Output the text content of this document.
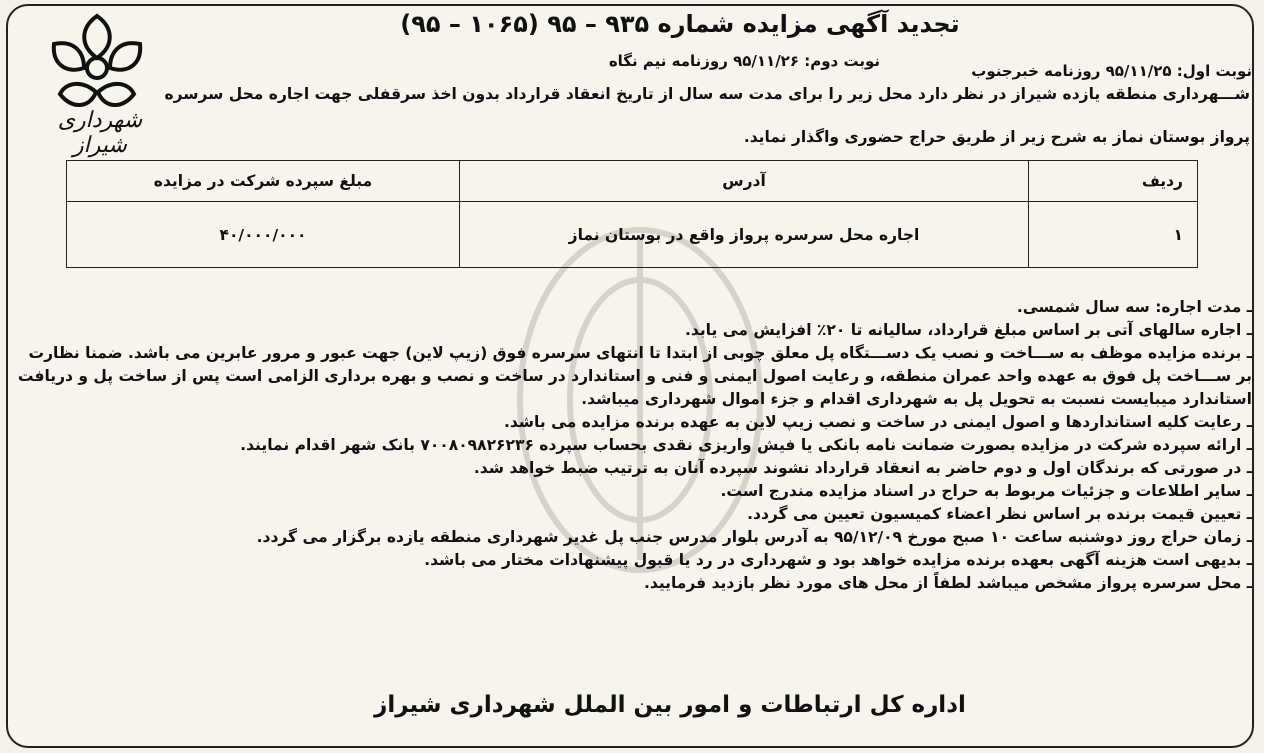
شهرداری شیراز
تجدید آگهی مزایده شماره ۹۳۵ – ۹۵ (۱۰۶۵ – ۹۵)
نوبت دوم: ۹۵/۱۱/۲۶ روزنامه نیم نگاه
نوبت اول: ۹۵/۱۱/۲۵ روزنامه خبرجنوب
شـــهرداری منطقه یازده شیراز در نظر دارد محل زیر را برای مدت سه سال از تاریخ انعقاد قرارداد بدون اخذ سرقفلی جهت اجاره محل سرسره
پرواز بوستان نماز به شرح زیر از طریق حراج حضوری واگذار نماید.
ردیف	آدرس	مبلغ سپرده شرکت در مزایده
۱	اجاره محل سرسره پرواز واقع در بوستان نماز	۴۰/۰۰۰/۰۰۰
ـ مدت اجاره: سه سال شمسی.
ـ اجاره سالهای آتی بر اساس مبلغ قرارداد، سالیانه تا ۲۰٪ افزایش می یابد.
ـ برنده مزایده موظف به ســـاخت و نصب یک دســـتگاه پل معلق چوبی از ابتدا تا انتهای سرسره فوق (زیپ لاین) جهت عبور و مرور عابرین می باشد. ضمنا نظارت
بر ســـاخت پل فوق به عهده واحد عمران منطقه، و رعایت اصول ایمنی و فنی و استاندارد در ساخت و نصب و بهره برداری الزامی است پس از ساخت پل و دریافت
استاندارد میبایست نسبت به تحویل پل به شهرداری اقدام و جزء اموال شهرداری میباشد.
ـ رعایت کلیه استانداردها و اصول ایمنی در ساخت و نصب زیپ لاین به عهده برنده مزایده می باشد.
ـ ارائه سپرده شرکت در مزایده بصورت ضمانت نامه بانکی یا فیش واریزی نقدی بحساب سپرده ۷۰۰۸۰۹۸۲۶۲۳۶ بانک شهر اقدام نمایند.
ـ در صورتی که برندگان اول و دوم حاضر به انعقاد قرارداد نشوند سپرده آنان به ترتیب ضبط خواهد شد.
ـ سایر اطلاعات و جزئیات مربوط به حراج در اسناد مزایده مندرج است.
ـ تعیین قیمت برنده بر اساس نظر اعضاء کمیسیون تعیین می گردد.
ـ زمان حراج روز دوشنبه ساعت ۱۰ صبح مورخ ۹۵/۱۲/۰۹ به آدرس بلوار مدرس جنب پل غدیر شهرداری منطقه یازده برگزار می گردد.
ـ بدیهی است هزینه آگهی بعهده برنده مزایده خواهد بود و شهرداری در رد یا قبول پیشنهادات مختار می باشد.
ـ محل سرسره پرواز مشخص میباشد لطفاً از محل های مورد نظر بازدید فرمایید.
اداره کل ارتباطات و امور بین الملل شهرداری شیراز
